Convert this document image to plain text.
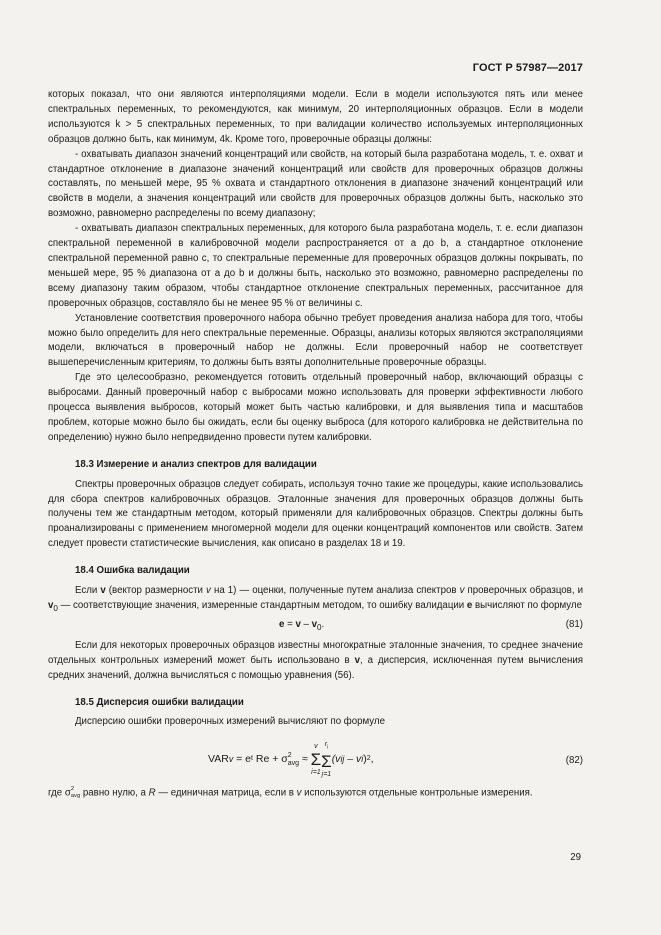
ГОСТ Р 57987—2017

которых показал, что они являются интерполяциями модели. Если в модели используются пять или менее спектральных переменных, то рекомендуются, как минимум, 20 интерполяционных образцов. Если в модели используются k > 5 спектральных переменных, то при валидации количество используемых интерполяционных образцов должно быть, как минимум, 4k. Кроме того, проверочные образцы должны:

- охватывать диапазон значений концентраций или свойств, на который была разработана модель, т. е. охват и стандартное отклонение в диапазоне значений концентраций или свойств для проверочных образцов должны составлять, по меньшей мере, 95 % охвата и стандартного отклонения в диапазоне значений концентраций или свойств в модели, а значения концентраций или свойств для проверочных образцов должны быть, насколько это возможно, равномерно распределены по всему диапазону;

- охватывать диапазон спектральных переменных, для которого была разработана модель, т. е. если диапазон спектральной переменной в калибровочной модели распространяется от a до b, а стандартное отклонение спектральной переменной равно c, то спектральные переменные для проверочных образцов должны покрывать, по меньшей мере, 95 % диапазона от a до b и должны быть, насколько это возможно, равномерно распределены по всему диапазону таким образом, чтобы стандартное отклонение спектральных переменных, рассчитанное для проверочных образцов, составляло бы не менее 95 % от величины c.

Установление соответствия проверочного набора обычно требует проведения анализа набора для того, чтобы можно было определить для него спектральные переменные. Образцы, анализы которых являются экстраполяциями модели, включаться в проверочный набор не должны. Если проверочный набор не соответствует вышеперечисленным критериям, то должны быть взяты дополнительные проверочные образцы.

Где это целесообразно, рекомендуется готовить отдельный проверочный набор, включающий образцы с выбросами. Данный проверочный набор с выбросами можно использовать для проверки эффективности любого процесса выявления выбросов, который может быть частью калибровки, и для выявления типа и масштабов проблем, которые можно было бы ожидать, если бы оценку выброса (для которого калибровка не действительна по определению) нужно было непредвиденно провести путем калибровки.

18.3 Измерение и анализ спектров для валидации

Спектры проверочных образцов следует собирать, используя точно такие же процедуры, какие использовались для сбора спектров калибровочных образцов. Эталонные значения для проверочных образцов должны быть получены тем же стандартным методом, который применяли для калибровочных образцов. Спектры должны быть проанализированы с применением многомерной модели для оценки концентраций компонентов или свойств. Затем следует провести статистические вычисления, как описано в разделах 18 и 19.

18.4 Ошибка валидации

Если v (вектор размерности v на 1) — оценки, полученные путем анализа спектров v проверочных образцов, и $v_0$ — соответствующие значения, измеренные стандартным методом, то ошибку валидации e вычисляют по формуле

$e = v - v_0$.	(81)

Если для некоторых проверочных образцов известны многократные эталонные значения, то среднее значение отдельных контрольных измерений может быть использовано в v, а дисперсия, исключенная путем вычисления средних значений, должна вычисляться с помощью уравнения (56).

18.5 Дисперсия ошибки валидации

Дисперсию ошибки проверочных измерений вычисляют по формуле

VAR v = e t Re + σ 2
avg ≈
v
Σ
i=1
$r_i$
Σ
j=1
(v ij – v i ) 2 ,	(82)

где σ 2
avg равно нулю, а R — единичная матрица, если в v используются отдельные контрольные измерения.

29
